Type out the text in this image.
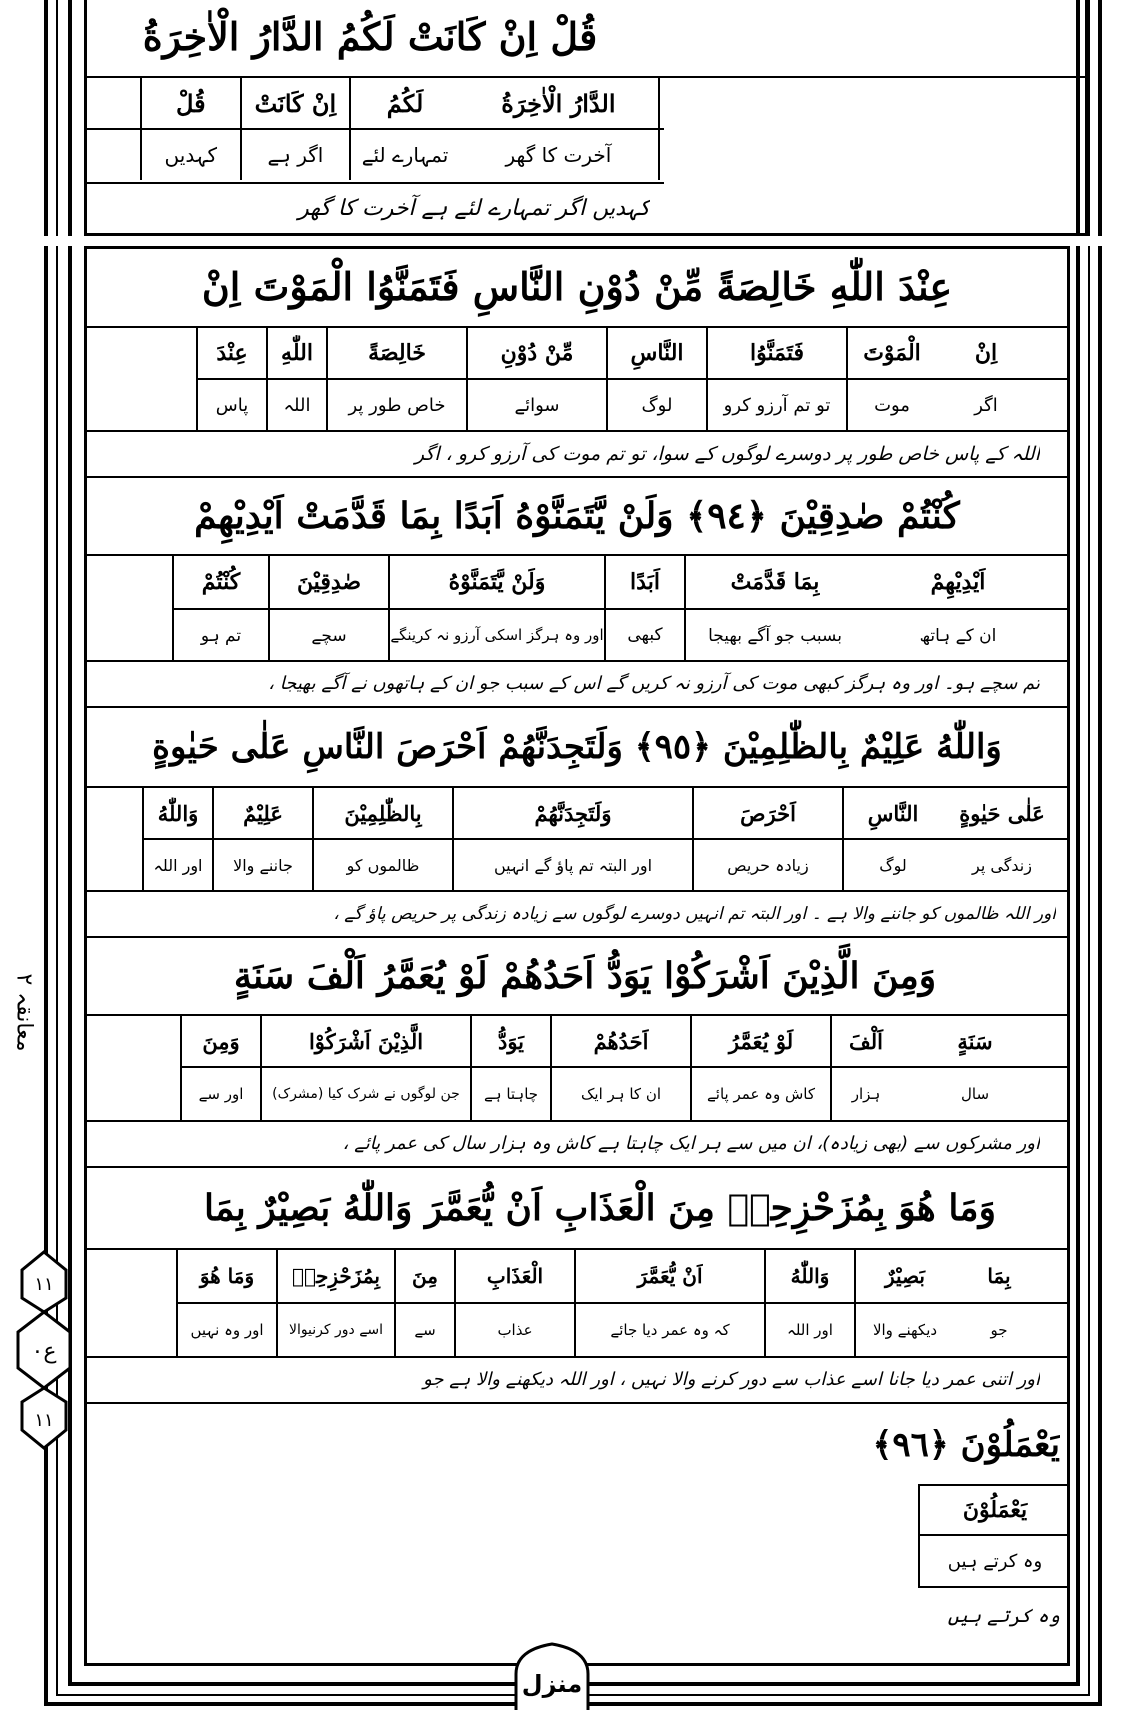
قُلْ اِنْ كَانَتْ لَكُمُ الدَّارُ الْاٰخِرَةُ
قُلْ	اِنْ كَانَتْ	لَكُمُ	الدَّارُ الْاٰخِرَةُ
کہدیں	اگر ہے	تمہارے لئے	آخرت کا گھر
کہدیں اگر تمہارے لئے ہے آخرت کا گھر
عِنْدَ اللّٰهِ خَالِصَةً مِّنْ دُوْنِ النَّاسِ فَتَمَنَّوُا الْمَوْتَ اِنْ
عِنْدَ	اللّٰهِ	خَالِصَةً	مِّنْ دُوْنِ	النَّاسِ	فَتَمَنَّوُا	الْمَوْتَ	اِنْ
پاس	اللہ	خاص طور پر	سوائے	لوگ	تو تم آرزو کرو	موت	اگر
اللہ کے پاس خاص طور پر دوسرے لوگوں کے سوا، تو تم موت کی آرزو کرو ، اگر
كُنْتُمْ صٰدِقِيْنَ ﴿٩٤﴾ وَلَنْ يَّتَمَنَّوْهُ اَبَدًا بِمَا قَدَّمَتْ اَيْدِيْهِمْ
كُنْتُمْ	صٰدِقِيْنَ	وَلَنْ يَّتَمَنَّوْهُ	اَبَدًا	بِمَا قَدَّمَتْ	اَيْدِيْهِمْ
تم ہو	سچے	اور وہ ہرگز اسکی آرزو نہ کرینگے	کبھی	بسبب جو آگے بھیجا	ان کے ہاتھ
تم سچے ہو۔ اور وہ ہرگز کبھی موت کی آرزو نہ کریں گے اس کے سبب جو ان کے ہاتھوں نے آگے بھیجا ،
وَاللّٰهُ عَلِيْمٌ بِالظّٰلِمِيْنَ ﴿٩٥﴾ وَلَتَجِدَنَّهُمْ اَحْرَصَ النَّاسِ عَلٰى حَيٰوةٍ
وَاللّٰهُ	عَلِيْمٌ	بِالظّٰلِمِيْنَ	وَلَتَجِدَنَّهُمْ	اَحْرَصَ	النَّاسِ	عَلٰى حَيٰوةٍ
اور اللہ	جاننے والا	ظالموں کو	اور البتہ تم پاؤ گے انہیں	زیادہ حریص	لوگ	زندگی پر
اور اللہ ظالموں کو جاننے والا ہے ۔ اور البتہ تم انہیں دوسرے لوگوں سے زیادہ زندگی پر حریص پاؤ گے ،
وَمِنَ الَّذِيْنَ اَشْرَكُوْا يَوَدُّ اَحَدُهُمْ لَوْ يُعَمَّرُ اَلْفَ سَنَةٍ
وَمِنَ	الَّذِيْنَ اَشْرَكُوْا	يَوَدُّ	اَحَدُهُمْ	لَوْ يُعَمَّرُ	اَلْفَ	سَنَةٍ
اور سے	جن لوگوں نے شرک کیا (مشرک)	چاہتا ہے	ان کا ہر ایک	کاش وہ عمر پائے	ہزار	سال
اور مشرکوں سے (بھی زیادہ)، ان میں سے ہر ایک چاہتا ہے کاش وہ ہزار سال کی عمر پائے ،
وَمَا هُوَ بِمُزَحْزِحِهٖ مِنَ الْعَذَابِ اَنْ يُّعَمَّرَ وَاللّٰهُ بَصِيْرٌ بِمَا
وَمَا هُوَ	بِمُزَحْزِحِهٖ	مِنَ	الْعَذَابِ	اَنْ يُّعَمَّرَ	وَاللّٰهُ	بَصِيْرٌ	بِمَا
اور وہ نہیں	اسے دور کرنیوالا	سے	عذاب	کہ وہ عمر دیا جائے	اور اللہ	دیکھنے والا	جو
اور اتنی عمر دیا جانا اسے عذاب سے دور کرنے والا نہیں ، اور اللہ دیکھنے والا ہے جو
يَعْمَلُوْنَ ﴿٩٦﴾
يَعْمَلُوْنَ
وہ کرتے ہیں
وہ کرتے ہیں
معانقہ ۲
١١
ع٠
١١
منزل
